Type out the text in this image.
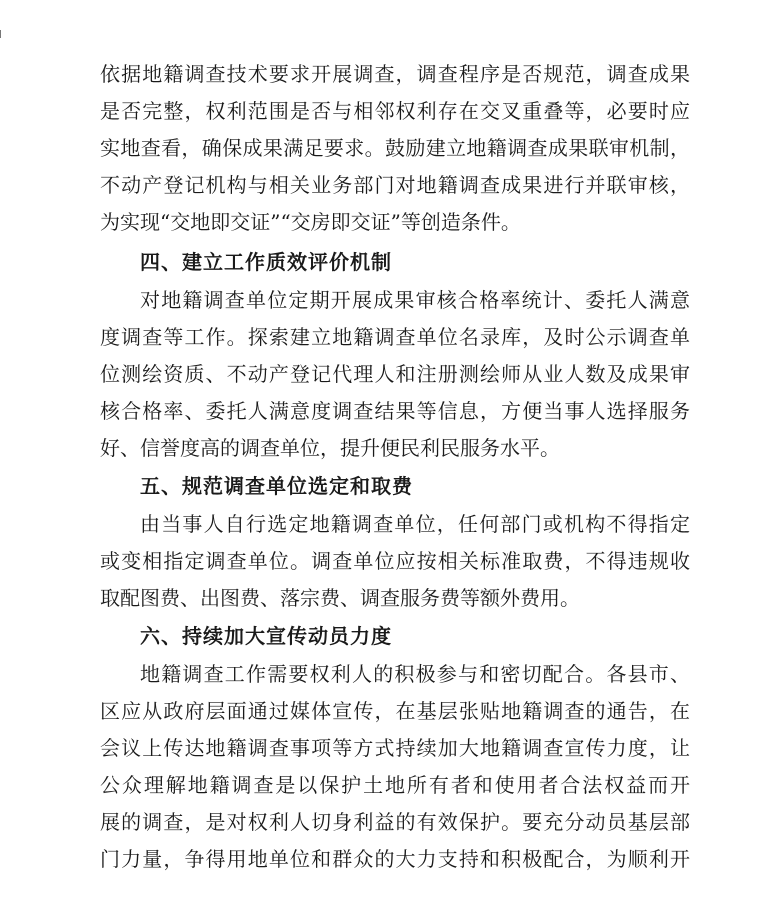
依据地籍调查技术要求开展调查，调查程序是否规范，调查成果
是否完整，权利范围是否与相邻权利存在交叉重叠等，必要时应
实地查看，确保成果满足要求。鼓励建立地籍调查成果联审机制，
不动产登记机构与相关业务部门对地籍调查成果进行并联审核，
为实现“交地即交证”“交房即交证”等创造条件。
四、建立工作质效评价机制
对地籍调查单位定期开展成果审核合格率统计、委托人满意
度调查等工作。探索建立地籍调查单位名录库，及时公示调查单
位测绘资质、不动产登记代理人和注册测绘师从业人数及成果审
核合格率、委托人满意度调查结果等信息，方便当事人选择服务
好、信誉度高的调查单位，提升便民利民服务水平。
五、规范调查单位选定和取费
由当事人自行选定地籍调查单位，任何部门或机构不得指定
或变相指定调查单位。调查单位应按相关标准取费，不得违规收
取配图费、出图费、落宗费、调查服务费等额外费用。
六、持续加大宣传动员力度
地籍调查工作需要权利人的积极参与和密切配合。各县市、
区应从政府层面通过媒体宣传，在基层张贴地籍调查的通告，在
会议上传达地籍调查事项等方式持续加大地籍调查宣传力度，让
公众理解地籍调查是以保护土地所有者和使用者合法权益而开
展的调查，是对权利人切身利益的有效保护。要充分动员基层部
门力量，争得用地单位和群众的大力支持和积极配合，为顺利开
